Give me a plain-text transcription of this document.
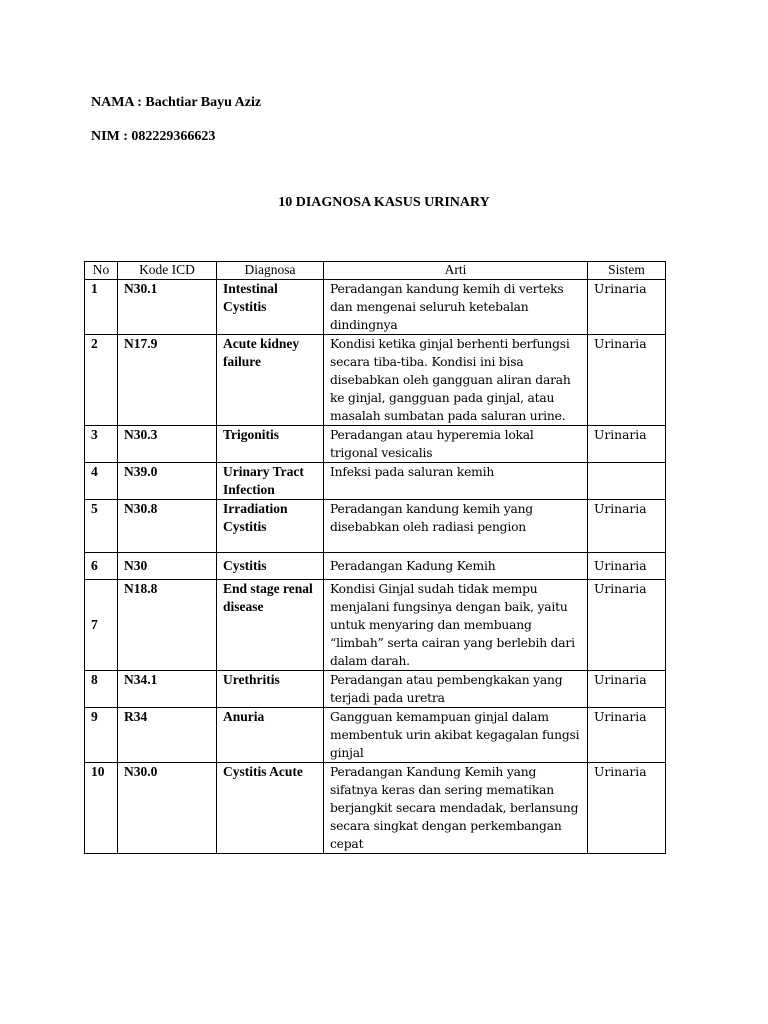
NAMA : Bachtiar Bayu Aziz
NIM : 082229366623
10 DIAGNOSA KASUS URINARY
No	Kode ICD	Diagnosa	Arti	Sistem
1	N30.1	Intestinal Cystitis	Peradangan kandung kemih di verteks dan mengenai seluruh ketebalan dindingnya	Urinaria
2	N17.9	Acute kidney failure	Kondisi ketika ginjal berhenti berfungsi secara tiba-tiba. Kondisi ini bisa disebabkan oleh gangguan aliran darah ke ginjal, gangguan pada ginjal, atau masalah sumbatan pada saluran urine.	Urinaria
3	N30.3	Trigonitis	Peradangan atau hyperemia lokal trigonal vesicalis	Urinaria
4	N39.0	Urinary Tract Infection	Infeksi pada saluran kemih	
5	N30.8	Irradiation Cystitis	Peradangan kandung kemih yang disebabkan oleh radiasi pengion	Urinaria
6	N30	Cystitis	Peradangan Kadung Kemih	Urinaria
7	N18.8	End stage renal disease	Kondisi Ginjal sudah tidak mempu menjalani fungsinya dengan baik, yaitu untuk menyaring dan membuang “limbah” serta cairan yang berlebih dari dalam darah.	Urinaria
8	N34.1	Urethritis	Peradangan atau pembengkakan yang terjadi pada uretra	Urinaria
9	R34	Anuria	Gangguan kemampuan ginjal dalam membentuk urin akibat kegagalan fungsi ginjal	Urinaria
10	N30.0	Cystitis Acute	Peradangan Kandung Kemih yang sifatnya keras dan sering mematikan berjangkit secara mendadak, berlansung secara singkat dengan perkembangan cepat	Urinaria
